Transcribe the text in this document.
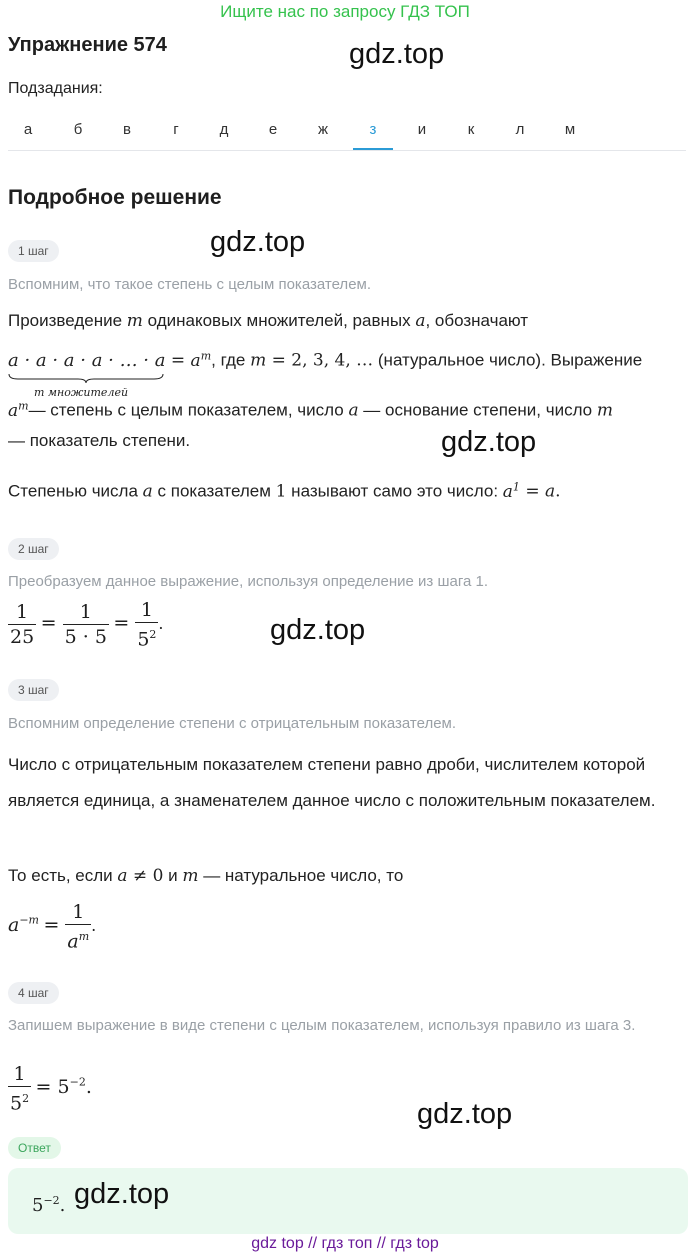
Ищите нас по запросу ГДЗ ТОП
Упражнение 574	gdz.top
Подзадания:
а	б	в	г	д	е	ж	з	и	к	л	м
Подробное решение
gdz.top
1 шаг
Вспомним, что такое степень с целым показателем.
Произведение m одинаковых множителей, равных a, обозначают
a · a · a · a · … · a
m множителей
= $a^m$, где m = 2, 3, 4, … (натуральное число). Выражение
$a^m—$ степень с целым показателем, число a — основание степени, число m
— показатель степени.	gdz.top
Степенью числа a с показателем 1 называют само это число: $a^1 = a$.
2 шаг
Преобразуем данное выражение, используя определение из шага 1.
$\frac{1}{25} = \frac{1}{5 \cdot 5} = \frac{1}{5^2}$ .	gdz.top
3 шаг
Вспомним определение степени с отрицательным показателем.
Число с отрицательным показателем степени равно дроби, числителем которой является единица, а знаменателем данное число с положительным показателем.
То есть, если a ≠ 0 и m — натуральное число, то
$a^{-m} = \frac{1}{a^m}$ .
4 шаг
Запишем выражение в виде степени с целым показателем, используя правило из шага 3.
$\frac{1}{5^2} = 5^{-2}$.
gdz.top
Ответ
$5^{-2}$. gdz.top
gdz top // гдз топ // гдз top
